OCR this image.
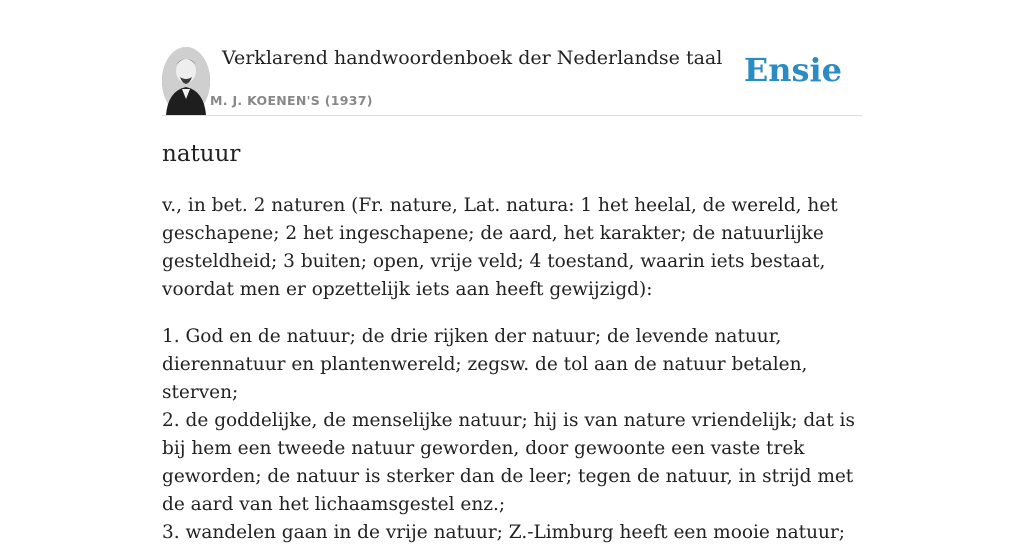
Verklarend handwoordenboek der Nederlandse taal
M. J. KOENEN'S (1937)
Ensie
natuur

v., in bet. 2 naturen (Fr. nature, Lat. natura: 1 het heelal, de wereld, het geschapene; 2 het ingeschapene; de aard, het karakter; de natuurlijke gesteldheid; 3 buiten; open, vrije veld; 4 toestand, waarin iets bestaat, voordat men er opzettelijk iets aan heeft gewijzigd):

1. God en de natuur; de drie rijken der natuur; de levende natuur, dierennatuur en plantenwereld; zegsw. de tol aan de natuur betalen, sterven;
2. de goddelijke, de menselijke natuur; hij is van nature vriendelijk; dat is bij hem een tweede natuur geworden, door gewoonte een vaste trek geworden; de natuur is sterker dan de leer; tegen de natuur, in strijd met de aard van het lichaamsgestel enz.;
3. wandelen gaan in de vrije natuur; Z.-Limburg heeft een mooie natuur;
